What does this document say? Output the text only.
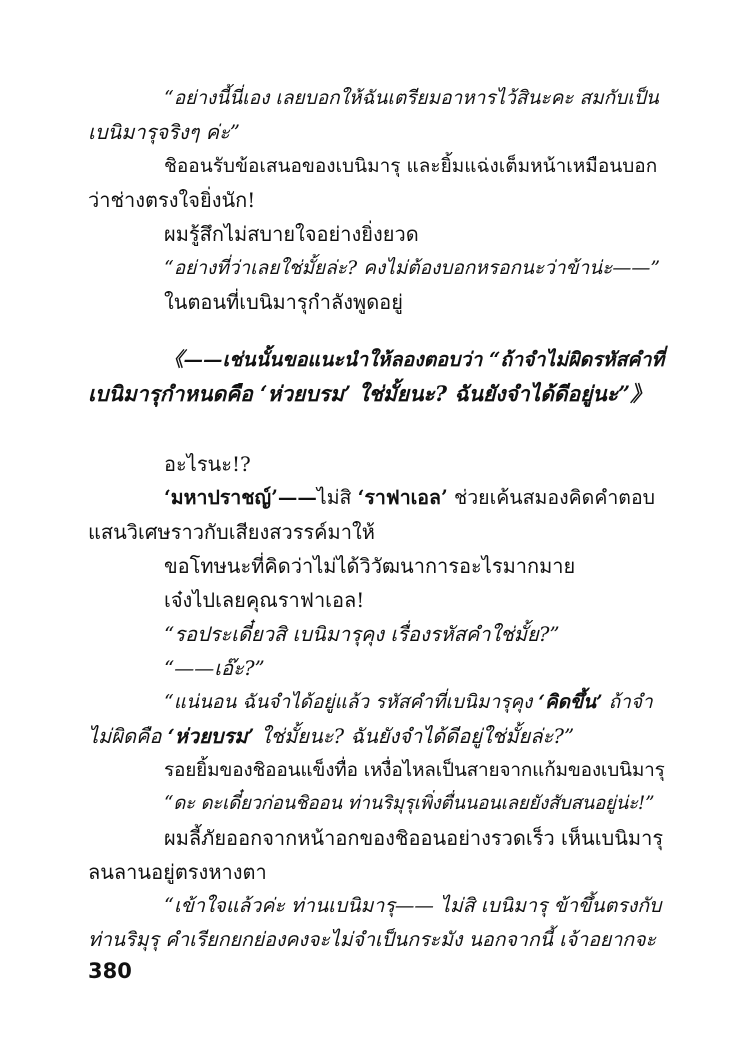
“อย่างนี้นี่เอง เลยบอกให้ฉันเตรียมอาหารไว้สินะคะ สมกับเป็น
เบนิมารุจริงๆ ค่ะ”
ชิออนรับข้อเสนอของเบนิมารุ และยิ้มแฉ่งเต็มหน้าเหมือนบอก
ว่าช่างตรงใจยิ่งนัก!
ผมรู้สึกไม่สบายใจอย่างยิ่งยวด
“อย่างที่ว่าเลยใช่มั้ยล่ะ? คงไม่ต้องบอกหรอกนะว่าข้าน่ะ——”
ในตอนที่เบนิมารุกำลังพูดอยู่
《——เช่นนั้นขอแนะนำให้ลองตอบว่า “ถ้าจำไม่ผิดรหัสคำที่
เบนิมารุกำหนดคือ ‘ห่วยบรม’ ใช่มั้ยนะ? ฉันยังจำได้ดีอยู่นะ”》
อะไรนะ!?
‘มหาปราชญ์’——ไม่สิ ‘ราฟาเอล’ ช่วยเค้นสมองคิดคำตอบ
แสนวิเศษราวกับเสียงสวรรค์มาให้
ขอโทษนะที่คิดว่าไม่ได้วิวัฒนาการอะไรมากมาย
เจ๋งไปเลยคุณราฟาเอล!
“รอประเดี๋ยวสิ เบนิมารุคุง เรื่องรหัสคำใช่มั้ย?”
“——เอ๊ะ?”
“แน่นอน ฉันจำได้อยู่แล้ว รหัสคำที่เบนิมารุคุง ‘คิดขึ้น’ ถ้าจำ
ไม่ผิดคือ ‘ห่วยบรม’ ใช่มั้ยนะ? ฉันยังจำได้ดีอยู่ใช่มั้ยล่ะ?”
รอยยิ้มของชิออนแข็งทื่อ เหงื่อไหลเป็นสายจากแก้มของเบนิมารุ
“ดะ ดะเดี๋ยวก่อนชิออน ท่านริมุรุเพิ่งตื่นนอนเลยยังสับสนอยู่น่ะ!”
ผมลี้ภัยออกจากหน้าอกของชิออนอย่างรวดเร็ว เห็นเบนิมารุ
ลนลานอยู่ตรงหางตา
“เข้าใจแล้วค่ะ ท่านเบนิมารุ—— ไม่สิ เบนิมารุ ข้าขึ้นตรงกับ
ท่านริมุรุ คำเรียกยกย่องคงจะไม่จำเป็นกระมัง นอกจากนี้ เจ้าอยากจะ
380
